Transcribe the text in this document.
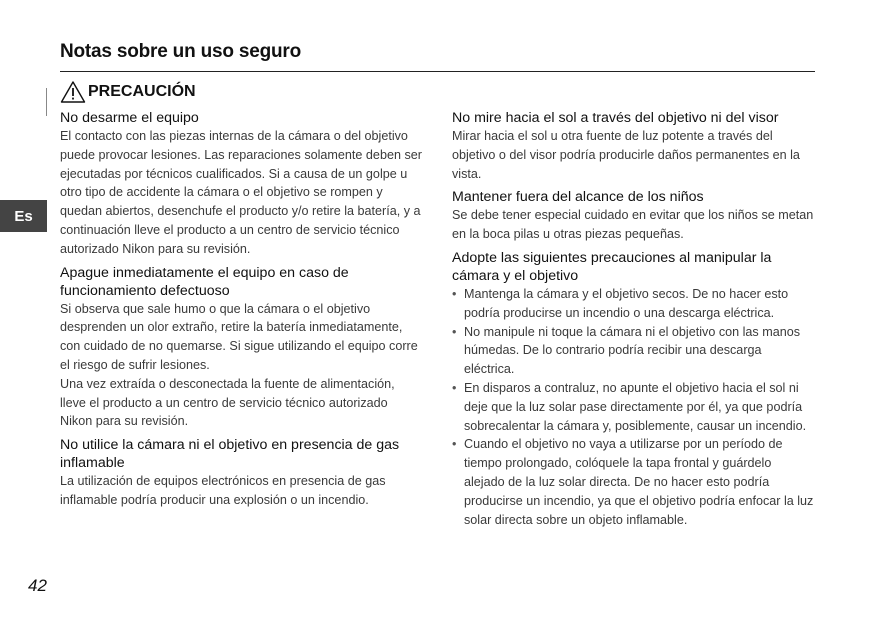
Notas sobre un uso seguro
Es
PRECAUCIÓN

No desarme el equipo

El contacto con las piezas internas de la cámara o del objetivo puede provocar lesiones. Las reparaciones solamente deben ser ejecutadas por técnicos cualificados. Si a causa de un golpe u otro tipo de accidente la cámara o el objetivo se rompen y quedan abiertos, desenchufe el producto y/o retire la batería, y a continuación lleve el producto a un centro de servicio técnico autorizado Nikon para su revisión.

Apague inmediatamente el equipo en caso de funcionamiento defectuoso

Si observa que sale humo o que la cámara o el objetivo desprenden un olor extraño, retire la batería inmediatamente, con cuidado de no quemarse. Si sigue utilizando el equipo corre el riesgo de sufrir lesiones.

Una vez extraída o desconectada la fuente de alimentación, lleve el producto a un centro de servicio técnico autorizado Nikon para su revisión.

No utilice la cámara ni el objetivo en presencia de gas inflamable

La utilización de equipos electrónicos en presencia de gas inflamable podría producir una explosión o un incendio.

No mire hacia el sol a través del objetivo ni del visor

Mirar hacia el sol u otra fuente de luz potente a través del objetivo o del visor podría producirle daños permanentes en la vista.

Mantener fuera del alcance de los niños

Se debe tener especial cuidado en evitar que los niños se metan en la boca pilas u otras piezas pequeñas.

Adopte las siguientes precauciones al manipular la cámara y el objetivo

• Mantenga la cámara y el objetivo secos. De no hacer esto podría producirse un incendio o una descarga eléctrica.
• No manipule ni toque la cámara ni el objetivo con las manos húmedas. De lo contrario podría recibir una descarga eléctrica.
• En disparos a contraluz, no apunte el objetivo hacia el sol ni deje que la luz solar pase directamente por él, ya que podría sobrecalentar la cámara y, posiblemente, causar un incendio.
• Cuando el objetivo no vaya a utilizarse por un período de tiempo prolongado, colóquele la tapa frontal y guárdelo alejado de la luz solar directa. De no hacer esto podría producirse un incendio, ya que el objetivo podría enfocar la luz solar directa sobre un objeto inflamable.
42
